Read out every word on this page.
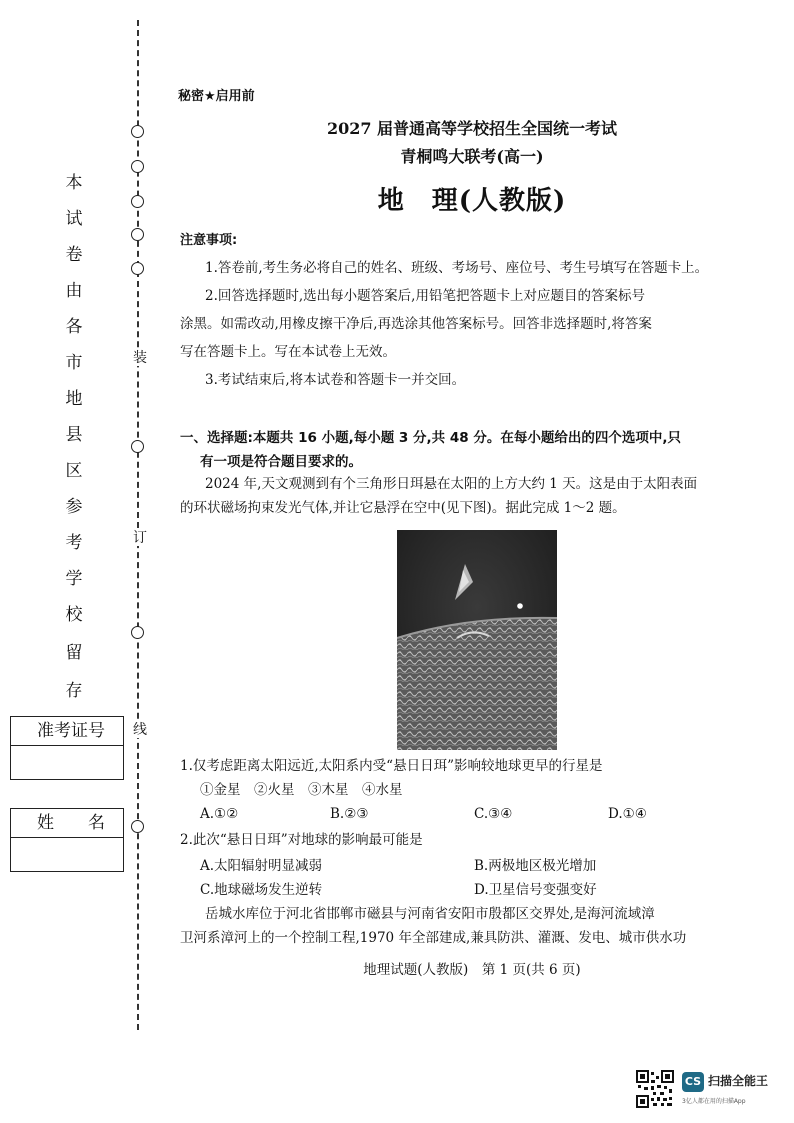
装
订
线
本
试
卷
由
各
市
地
县
区
参
考
学
校
留
存
准考证号
姓　　名
秘密★启用前
2027 届普通高等学校招生全国统一考试
青桐鸣大联考(高一)
地　理(人教版)
注意事项:
1.答卷前,考生务必将自己的姓名、班级、考场号、座位号、考生号填写在答题卡上。
2.回答选择题时,选出每小题答案后,用铅笔把答题卡上对应题目的答案标号
涂黑。如需改动,用橡皮擦干净后,再选涂其他答案标号。回答非选择题时,将答案
写在答题卡上。写在本试卷上无效。
3.考试结束后,将本试卷和答题卡一并交回。
一、选择题:本题共 16 小题,每小题 3 分,共 48 分。在每小题给出的四个选项中,只
有一项是符合题目要求的。
2024 年,天文观测到有个三角形日珥悬在太阳的上方大约 1 天。这是由于太阳表面
的环状磁场拘束发光气体,并让它悬浮在空中(见下图)。据此完成 1～2 题。
1.仅考虑距离太阳远近,太阳系内受“悬日日珥”影响较地球更早的行星是
①金星　②火星　③木星　④水星
A.①②	B.②③	C.③④	D.①④
2.此次“悬日日珥”对地球的影响最可能是
A.太阳辐射明显减弱	B.两极地区极光增加
C.地球磁场发生逆转	D.卫星信号变强变好
岳城水库位于河北省邯郸市磁县与河南省安阳市殷都区交界处,是海河流域漳
卫河系漳河上的一个控制工程,1970 年全部建成,兼具防洪、灌溉、发电、城市供水功
地理试题(人教版)　第 1 页(共 6 页)
CS 扫描全能王
3亿人都在用的扫描App
